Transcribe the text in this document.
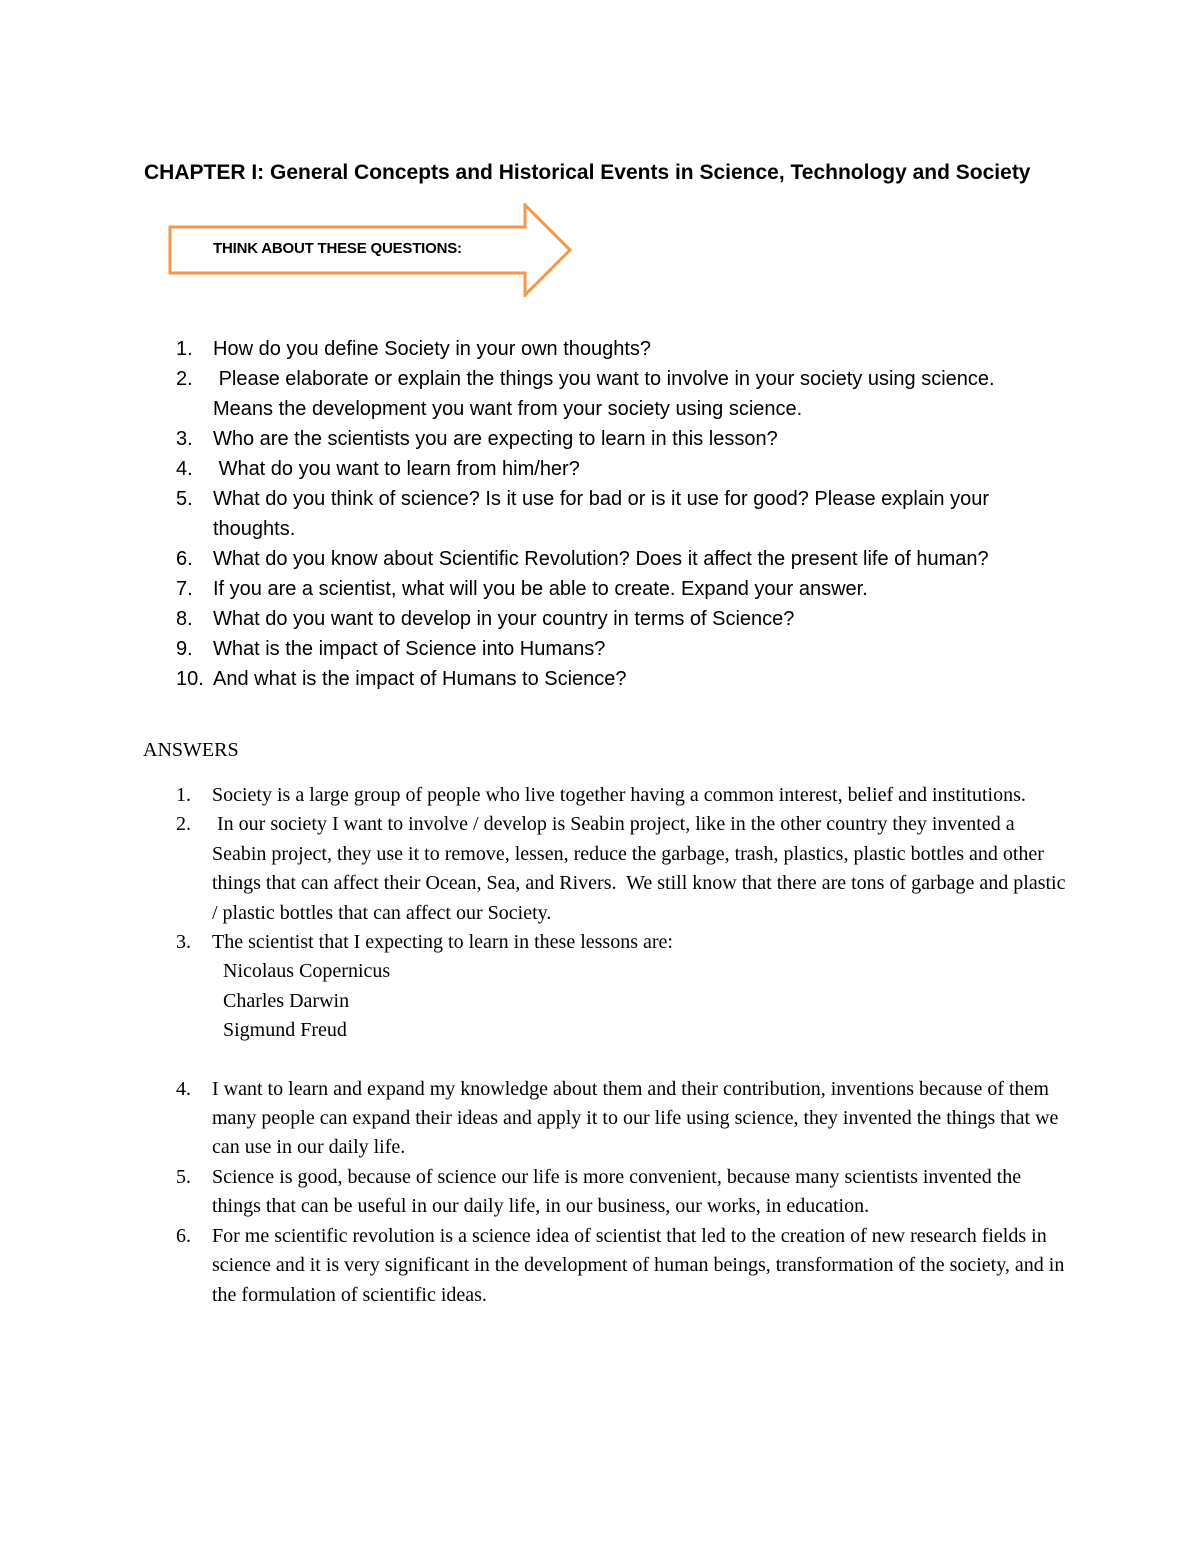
CHAPTER I: General Concepts and Historical Events in Science, Technology and Society
THINK ABOUT THESE QUESTIONS:
1.	How do you define Society in your own thoughts?
2.	Please elaborate or explain the things you want to involve in your society using science. Means the development you want from your society using science.
3.	Who are the scientists you are expecting to learn in this lesson?
4.	What do you want to learn from him/her?
5.	What do you think of science? Is it use for bad or is it use for good? Please explain your thoughts.
6.	What do you know about Scientific Revolution? Does it affect the present life of human?
7.	If you are a scientist, what will you be able to create. Expand your answer.
8.	What do you want to develop in your country in terms of Science?
9.	What is the impact of Science into Humans?
10. And what is the impact of Humans to Science?
ANSWERS
1.	Society is a large group of people who live together having a common interest, belief and institutions.
2.	In our society I want to involve / develop is Seabin project, like in the other country they invented a Seabin project, they use it to remove, lessen, reduce the garbage, trash, plastics, plastic bottles and other things that can affect their Ocean, Sea, and Rivers.  We still know that there are tons of garbage and plastic / plastic bottles that can affect our Society.
3.	The scientist that I expecting to learn in these lessons are:
Nicolaus Copernicus
Charles Darwin
Sigmund Freud
4.	I want to learn and expand my knowledge about them and their contribution, inventions because of them many people can expand their ideas and apply it to our life using science, they invented the things that we can use in our daily life.
5.	Science is good, because of science our life is more convenient, because many scientists invented the things that can be useful in our daily life, in our business, our works, in education.
6.	For me scientific revolution is a science idea of scientist that led to the creation of new research fields in science and it is very significant in the development of human beings, transformation of the society, and in the formulation of scientific ideas.
